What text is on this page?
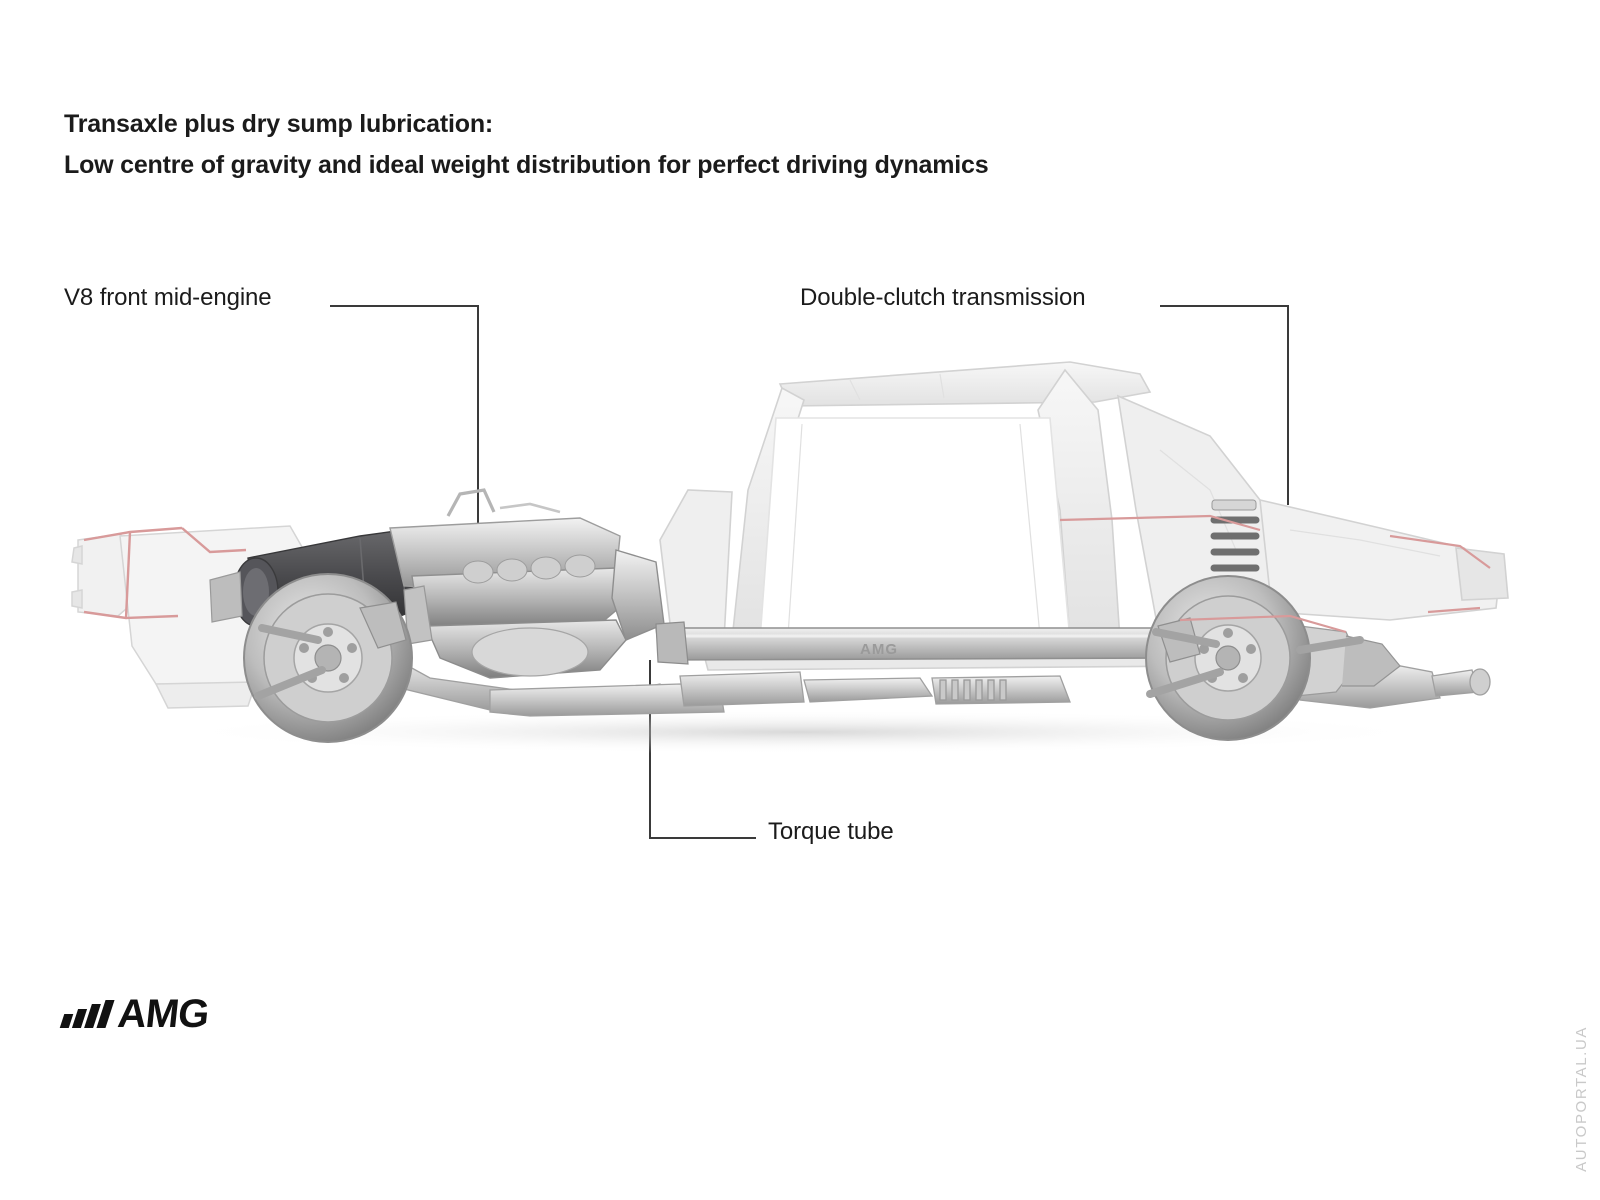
Transaxle plus dry sump lubrication:
Low centre of gravity and ideal weight distribution for perfect driving dynamics
V8 front mid-engine	Double-clutch transmission
Torque tube
AMG
AMG
AUTOPORTAL.UA
